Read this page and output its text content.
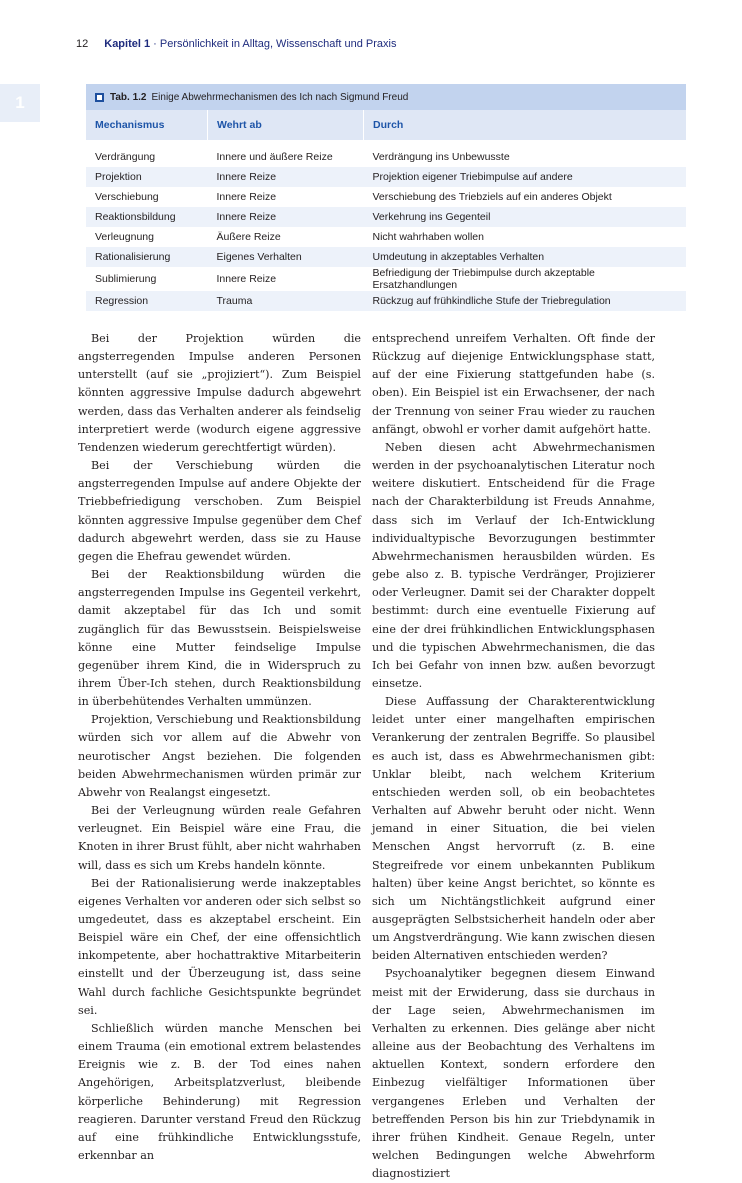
12 Kapitel 1 · Persönlichkeit in Alltag, Wissenschaft und Praxis
1	Tab. 1.2 Einige Abwehrmechanismen des Ich nach Sigmund Freud
Mechanismus	Wehrt ab	Durch

Verdrängung	Innere und äußere Reize	Verdrängung ins Unbewusste
Projektion	Innere Reize	Projektion eigener Triebimpulse auf andere
Verschiebung	Innere Reize	Verschiebung des Triebziels auf ein anderes Objekt
Reaktionsbildung	Innere Reize	Verkehrung ins Gegenteil
Verleugnung	Äußere Reize	Nicht wahrhaben wollen
Rationalisierung	Eigenes Verhalten	Umdeutung in akzeptables Verhalten
Sublimierung	Innere Reize	Befriedigung der Triebimpulse durch akzeptable Ersatzhandlungen
Regression	Trauma	Rückzug auf frühkindliche Stufe der Triebregulation

Bei der Projektion würden die angsterregenden Impulse anderen Personen unterstellt (auf sie „projiziert“). Zum Beispiel könnten aggressive Impulse dadurch abgewehrt werden, dass das Verhalten anderer als feindselig interpretiert werde (wodurch eigene aggressive Tendenzen wiederum gerechtfertigt würden).

Bei der Verschiebung würden die angsterregenden Impulse auf andere Objekte der Triebbefriedigung verschoben. Zum Beispiel könnten aggressive Impulse gegenüber dem Chef dadurch abgewehrt werden, dass sie zu Hause gegen die Ehefrau gewendet würden.

Bei der Reaktionsbildung würden die angsterregenden Impulse ins Gegenteil verkehrt, damit akzeptabel für das Ich und somit zugänglich für das Bewusstsein. Beispielsweise könne eine Mutter feindselige Impulse gegenüber ihrem Kind, die in Widerspruch zu ihrem Über-Ich stehen, durch Reaktionsbildung in überbehütendes Verhalten ummünzen.

Projektion, Verschiebung und Reaktionsbildung würden sich vor allem auf die Abwehr von neurotischer Angst beziehen. Die folgenden beiden Abwehrmechanismen würden primär zur Abwehr von Realangst eingesetzt.

Bei der Verleugnung würden reale Gefahren verleugnet. Ein Beispiel wäre eine Frau, die Knoten in ihrer Brust fühlt, aber nicht wahrhaben will, dass es sich um Krebs handeln könnte.

Bei der Rationalisierung werde inakzeptables eigenes Verhalten vor anderen oder sich selbst so umgedeutet, dass es akzeptabel erscheint. Ein Beispiel wäre ein Chef, der eine offensichtlich inkompetente, aber hochattraktive Mitarbeiterin einstellt und der Überzeugung ist, dass seine Wahl durch fachliche Gesichtspunkte begründet sei.

Schließlich würden manche Menschen bei einem Trauma (ein emotional extrem belastendes Ereignis wie z. B. der Tod eines nahen Angehörigen, Arbeitsplatzverlust, bleibende körperliche Behinderung) mit Regression reagieren. Darunter verstand Freud den Rückzug auf eine frühkindliche Entwicklungsstufe, erkennbar an

entsprechend unreifem Verhalten. Oft finde der Rückzug auf diejenige Entwicklungsphase statt, auf der eine Fixierung stattgefunden habe (s. oben). Ein Beispiel ist ein Erwachsener, der nach der Trennung von seiner Frau wieder zu rauchen anfängt, obwohl er vorher damit aufgehört hatte.

Neben diesen acht Abwehrmechanismen werden in der psychoanalytischen Literatur noch weitere diskutiert. Entscheidend für die Frage nach der Charakterbildung ist Freuds Annahme, dass sich im Verlauf der Ich-Entwicklung individualtypische Bevorzugungen bestimmter Abwehrmechanismen herausbilden würden. Es gebe also z. B. typische Verdränger, Projizierer oder Verleugner. Damit sei der Charakter doppelt bestimmt: durch eine eventuelle Fixierung auf eine der drei frühkindlichen Entwicklungsphasen und die typischen Abwehrmechanismen, die das Ich bei Gefahr von innen bzw. außen bevorzugt einsetze.

Diese Auffassung der Charakterentwicklung leidet unter einer mangelhaften empirischen Verankerung der zentralen Begriffe. So plausibel es auch ist, dass es Abwehrmechanismen gibt: Unklar bleibt, nach welchem Kriterium entschieden werden soll, ob ein beobachtetes Verhalten auf Abwehr beruht oder nicht. Wenn jemand in einer Situation, die bei vielen Menschen Angst hervorruft (z. B. eine Stegreifrede vor einem unbekannten Publikum halten) über keine Angst berichtet, so könnte es sich um Nichtängstlichkeit aufgrund einer ausgeprägten Selbstsicherheit handeln oder aber um Angstverdrängung. Wie kann zwischen diesen beiden Alternativen entschieden werden?

Psychoanalytiker begegnen diesem Einwand meist mit der Erwiderung, dass sie durchaus in der Lage seien, Abwehrmechanismen im Verhalten zu erkennen. Dies gelänge aber nicht alleine aus der Beobachtung des Verhaltens im aktuellen Kontext, sondern erfordere den Einbezug vielfältiger Informationen über vergangenes Erleben und Verhalten der betreffenden Person bis hin zur Triebdynamik in ihrer frühen Kindheit. Genaue Regeln, unter welchen Bedingungen welche Abwehrform diagnostiziert
